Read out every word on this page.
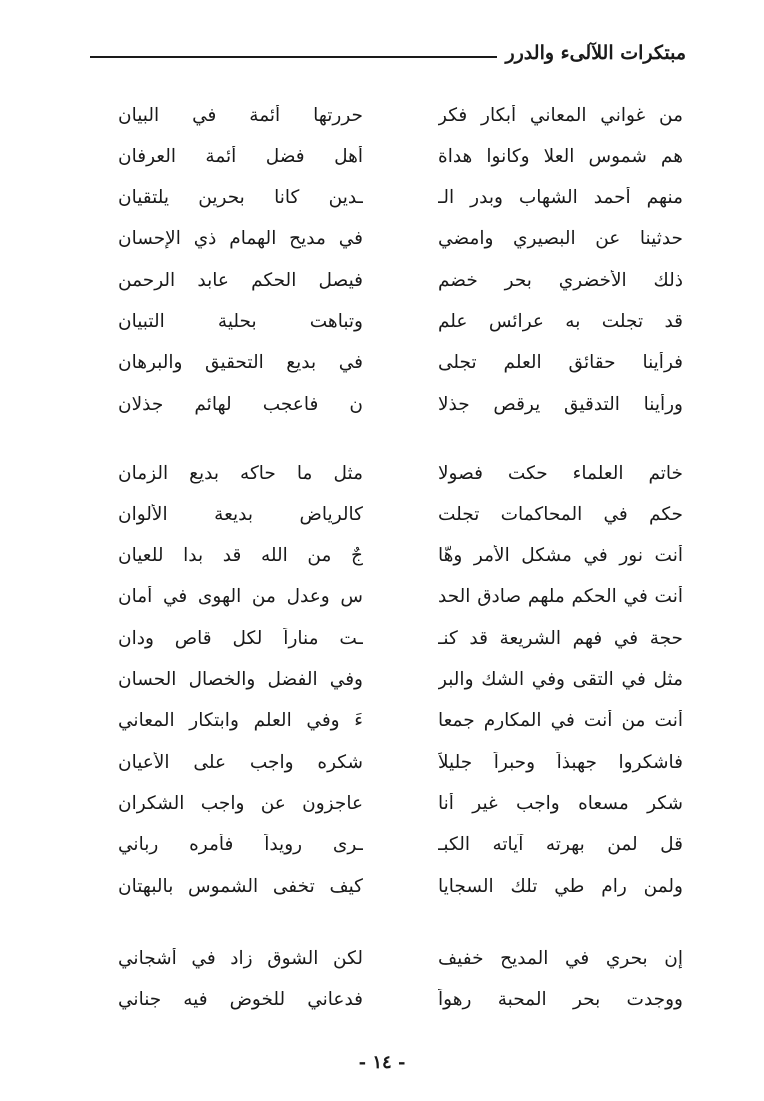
مبتكرات اللآلىء والدرر
من غواني المعاني أبكار فكر
حررتها أئمة في البيان
هم شموس العلا وكانوا هداة
أهل فضل أئمة العرفان
منهم أحمد الشهاب وبدر الـ
ـدين كانا بحرين يلتقيان
حدثينا عن البصيري وامضي
في مديح الهمام ذي الإحسان
ذلك الأخضري بحر خضم
فيصل الحكم عابد الرحمن
قد تجلت به عرائس علم
وتباهت بحلية التبيان
فرأينا حقائق العلم تجلى
في بديع التحقيق والبرهان
ورأينا التدقيق يرقص جذلا
ن فاعجب لهائم جذلان
خاتم العلماء حكت فصولا
مثل ما حاكه بديع الزمان
حكم في المحاكمات تجلت
كالرياض بديعة الألوان
أنت نور في مشكل الأمر وهّا
جٌ من الله قد بدا للعيان
أنت في الحكم ملهم صادق الحد
س وعدل من الهوى في أمان
حجة في فهم الشريعة قد كنـ
ـت مناراً لكل قاص ودان
مثل في التقى وفي الشك والبر
وفي الفضل والخصال الحسان
أنت من أنت في المكارم جمعا
ءَ وفي العلم وابتكار المعاني
فاشكروا جهبذاً وحبراً جليلاً
شكره واجب على الأعيان
شكر مسعاه واجب غير أنا
عاجزون عن واجب الشكران
قل لمن بهرته آياته الكبـ
ـرى رويداً فأمره رباني
ولمن رام طي تلك السجايا
كيف تخفى الشموس بالبهتان
إن بحري في المديح خفيف
لكن الشوق زاد في أشجاني
ووجدت بحر المحبة رهواً
فدعاني للخوض فيه جناني
- ١٤ -
